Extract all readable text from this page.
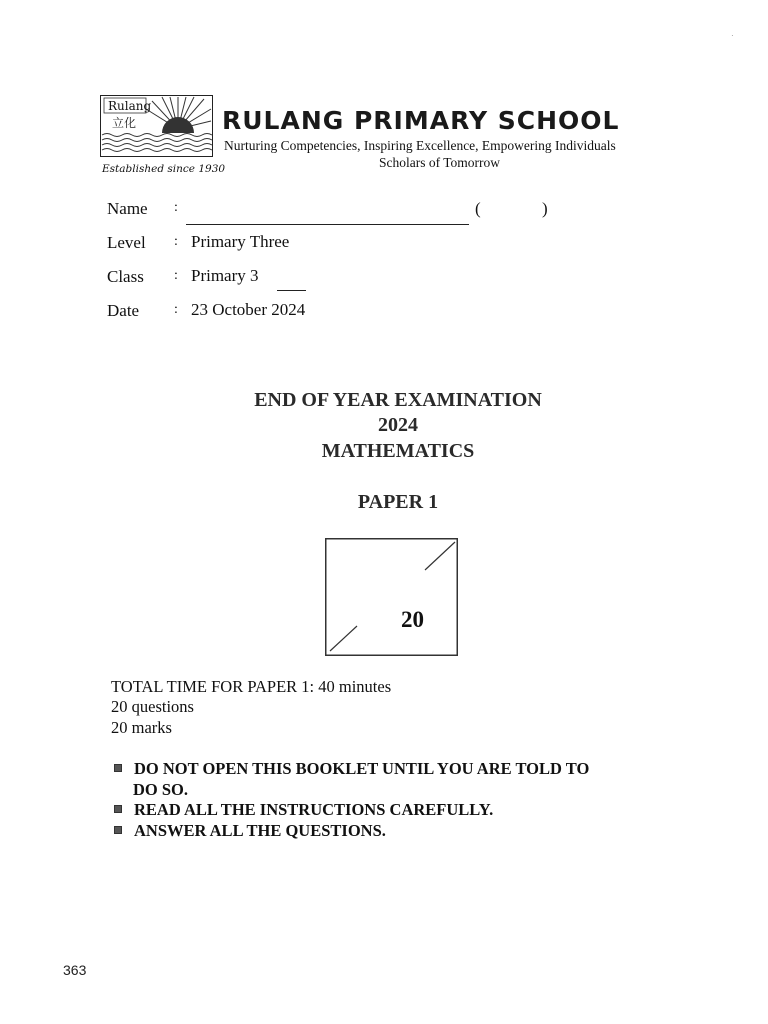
·
Rulang
立化	RULANG PRIMARY SCHOOL
Nurturing Competencies, Inspiring Excellence, Empowering Individuals
Scholars of Tomorrow
Established since 1930
Name :	(	)
Level : Primary Three
Class : Primary 3
Date : 23 October 2024
END OF YEAR EXAMINATION
2024
MATHEMATICS
PAPER 1
20
TOTAL TIME FOR PAPER 1: 40 minutes
20 questions
20 marks
DO NOT OPEN THIS BOOKLET UNTIL YOU ARE TOLD TO
DO SO.
READ ALL THE INSTRUCTIONS CAREFULLY.
ANSWER ALL THE QUESTIONS.
363
